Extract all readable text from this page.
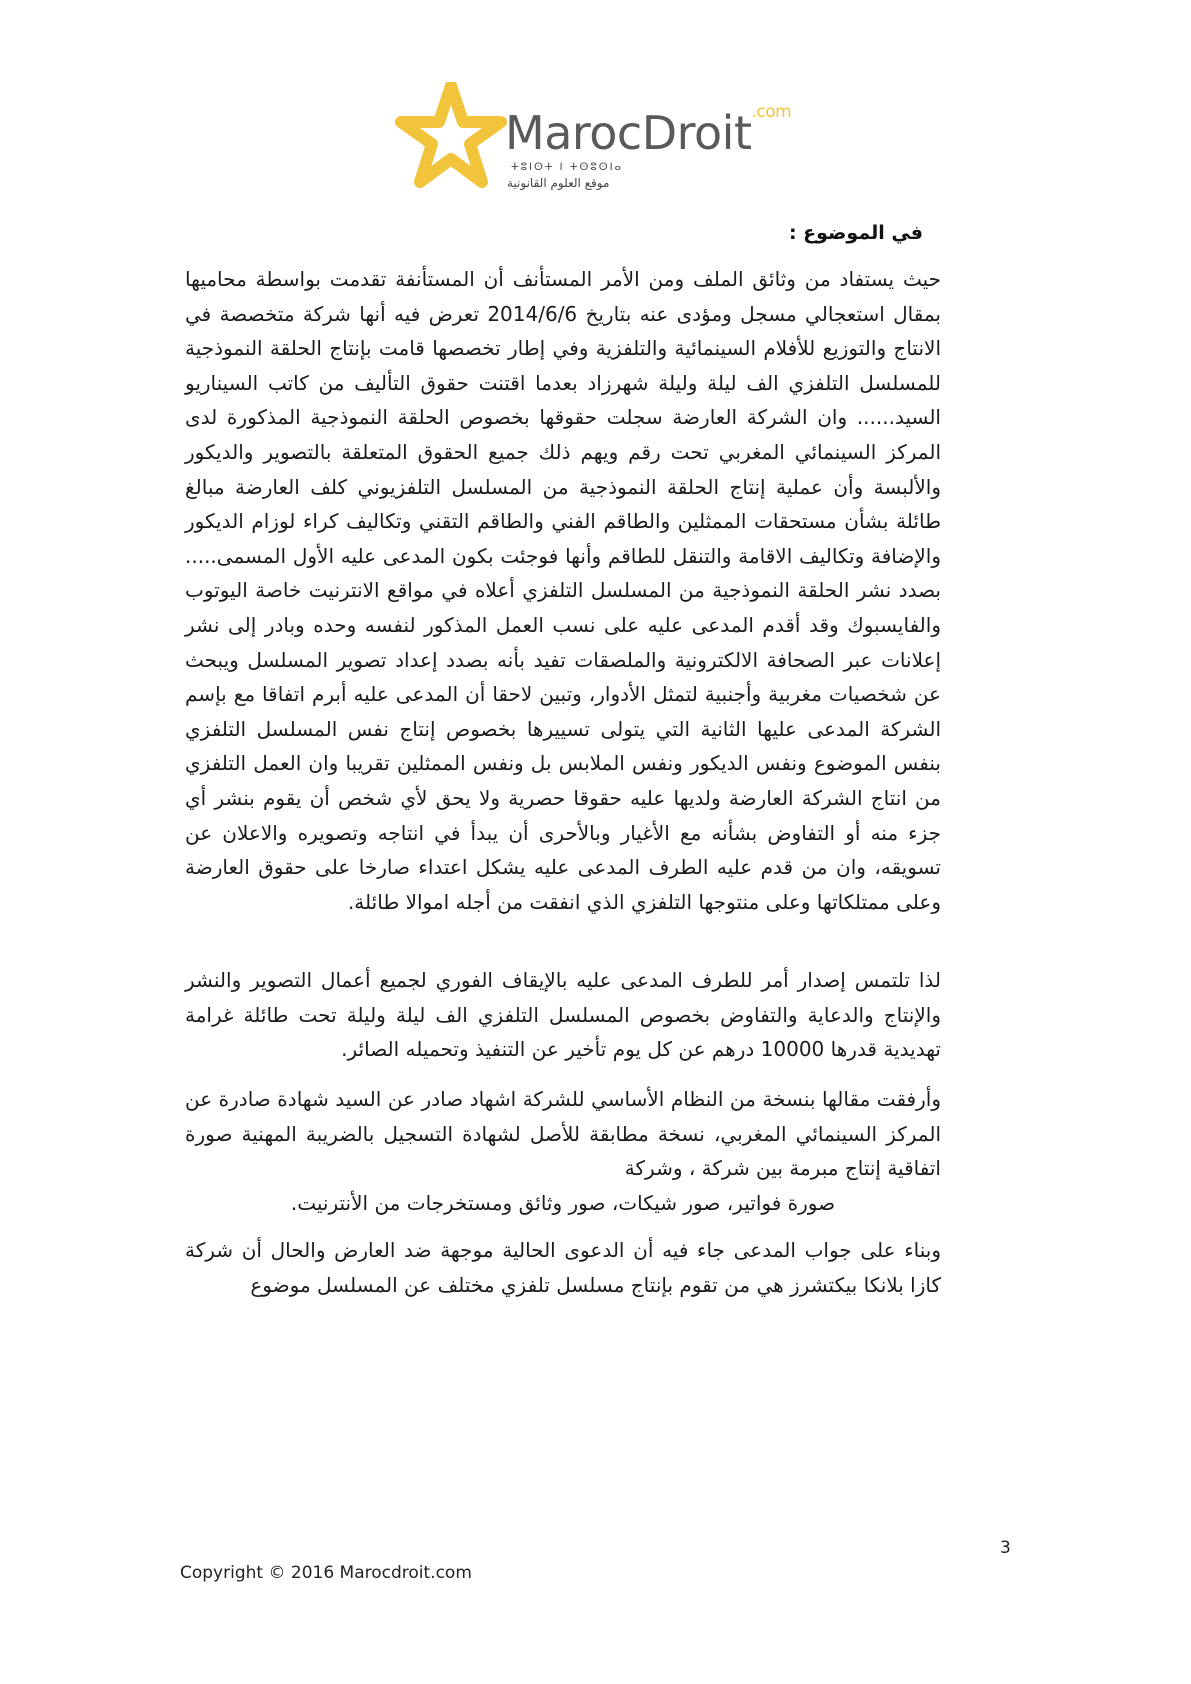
MarocDroit$^{.com}$
ⵜⵓⵏⵙⵜ ⵏ ⵜⵙⵓⵙⵏⴰ
موقع العلوم القانونية
في الموضوع :
حيث يستفاد من وثائق الملف ومن الأمر المستأنف أن المستأنفة تقدمت بواسطة محاميها بمقال استعجالي مسجل ومؤدى عنه بتاريخ 2014/6/6 تعرض فيه أنها شركة متخصصة في الانتاج والتوزيع للأفلام السينمائية والتلفزية وفي إطار تخصصها قامت بإنتاج الحلقة النموذجية للمسلسل التلفزي الف ليلة وليلة شهرزاد بعدما اقتنت حقوق التأليف من كاتب السيناريو السيد...... وان الشركة العارضة سجلت حقوقها بخصوص الحلقة النموذجية المذكورة لدى المركز السينمائي المغربي تحت رقم ويهم ذلك جميع الحقوق المتعلقة بالتصوير والديكور والألبسة وأن عملية إنتاج الحلقة النموذجية من المسلسل التلفزيوني كلف العارضة مبالغ طائلة بشأن مستحقات الممثلين والطاقم الفني والطاقم التقني وتكاليف كراء لوزام الديكور والإضافة وتكاليف الاقامة والتنقل للطاقم وأنها فوجئت بكون المدعى عليه الأول المسمى..... بصدد نشر الحلقة النموذجية من المسلسل التلفزي أعلاه في مواقع الانترنيت خاصة اليوتوب والفايسبوك وقد أقدم المدعى عليه على نسب العمل المذكور لنفسه وحده وبادر إلى نشر إعلانات عبر الصحافة الالكترونية والملصقات تفيد بأنه بصدد إعداد تصوير المسلسل ويبحث عن شخصيات مغربية وأجنبية لتمثل الأدوار، وتبين لاحقا أن المدعى عليه أبرم اتفاقا مع بإسم الشركة المدعى عليها الثانية التي يتولى تسييرها بخصوص إنتاج نفس المسلسل التلفزي بنفس الموضوع ونفس الديكور ونفس الملابس بل ونفس الممثلين تقريبا وان العمل التلفزي من انتاج الشركة العارضة ولديها عليه حقوقا حصرية ولا يحق لأي شخص أن يقوم بنشر أي جزء منه أو التفاوض بشأنه مع الأغيار وبالأحرى أن يبدأ في انتاجه وتصويره والاعلان عن تسويقه، وان من قدم عليه الطرف المدعى عليه يشكل اعتداء صارخا على حقوق العارضة وعلى ممتلكاتها وعلى منتوجها التلفزي الذي انفقت من أجله اموالا طائلة.
لذا تلتمس إصدار أمر للطرف المدعى عليه بالإيقاف الفوري لجميع أعمال التصوير والنشر والإنتاج والدعاية والتفاوض بخصوص المسلسل التلفزي الف ليلة وليلة تحت طائلة غرامة تهديدية قدرها 10000 درهم عن كل يوم تأخير عن التنفيذ وتحميله الصائر.
وأرفقت مقالها بنسخة من النظام الأساسي للشركة اشهاد صادر عن السيد شهادة صادرة عن المركز السينمائي المغربي، نسخة مطابقة للأصل لشهادة التسجيل بالضريبة المهنية صورة اتفاقية إنتاج مبرمة بين شركة ، وشركة
صورة فواتير، صور شيكات، صور وثائق ومستخرجات من الأنترنيت.
وبناء على جواب المدعى جاء فيه أن الدعوى الحالية موجهة ضد العارض والحال أن شركة كازا بلانكا بيكتشرز هي من تقوم بإنتاج مسلسل تلفزي مختلف عن المسلسل موضوع
3
Copyright © 2016 Marocdroit.com
